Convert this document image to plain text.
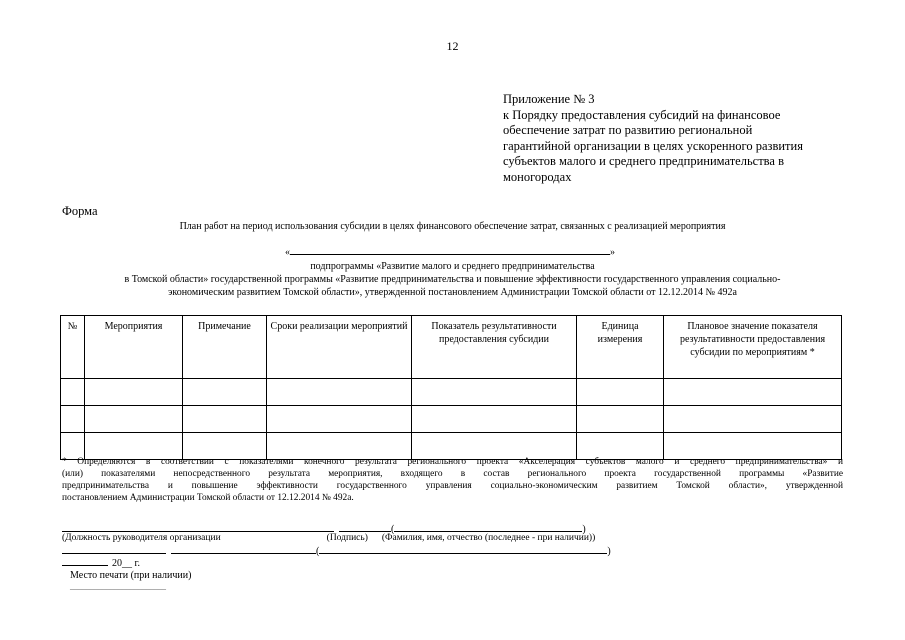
12
Приложение № 3
к Порядку предоставления субсидий на финансовое
обеспечение затрат по развитию региональной
гарантийной организации в целях ускоренного развития
субъектов малого и среднего предпринимательства в
моногородах
Форма
План работ на период использования субсидии в целях финансового обеспечение затрат, связанных с реализацией мероприятия
«	»
подпрограммы «Развитие малого и среднего предпринимательства
в Томской области» государственной программы «Развитие предпринимательства и повышение эффективности государственного управления социально-
экономическим развитием Томской области», утвержденной постановлением Администрации Томской области от 12.12.2014 № 492а
№	Мероприятия	Примечание	Сроки реализации мероприятий	Показатель результативности предоставления субсидии	Единица измерения	Плановое значение показателя результативности предоставления субсидии по мероприятиям *

* Определяются в соответствии с показателями конечного результата регионального проекта «Акселерация субъектов малого и среднего предпринимательства» и
(или) показателями непосредственного результата мероприятия, входящего в состав регионального проекта государственной программы «Развитие
предпринимательства и повышение эффективности государственного управления социально-экономическим развитием Томской области», утвержденной
постановлением Администрации Томской области от 12.12.2014 № 492а.
(	)
(Должность руководителя организации	(Подпись) (Фамилия, имя, отчество (последнее - при наличии))
(	)
20__ г.
Место печати (при наличии)
________________________
